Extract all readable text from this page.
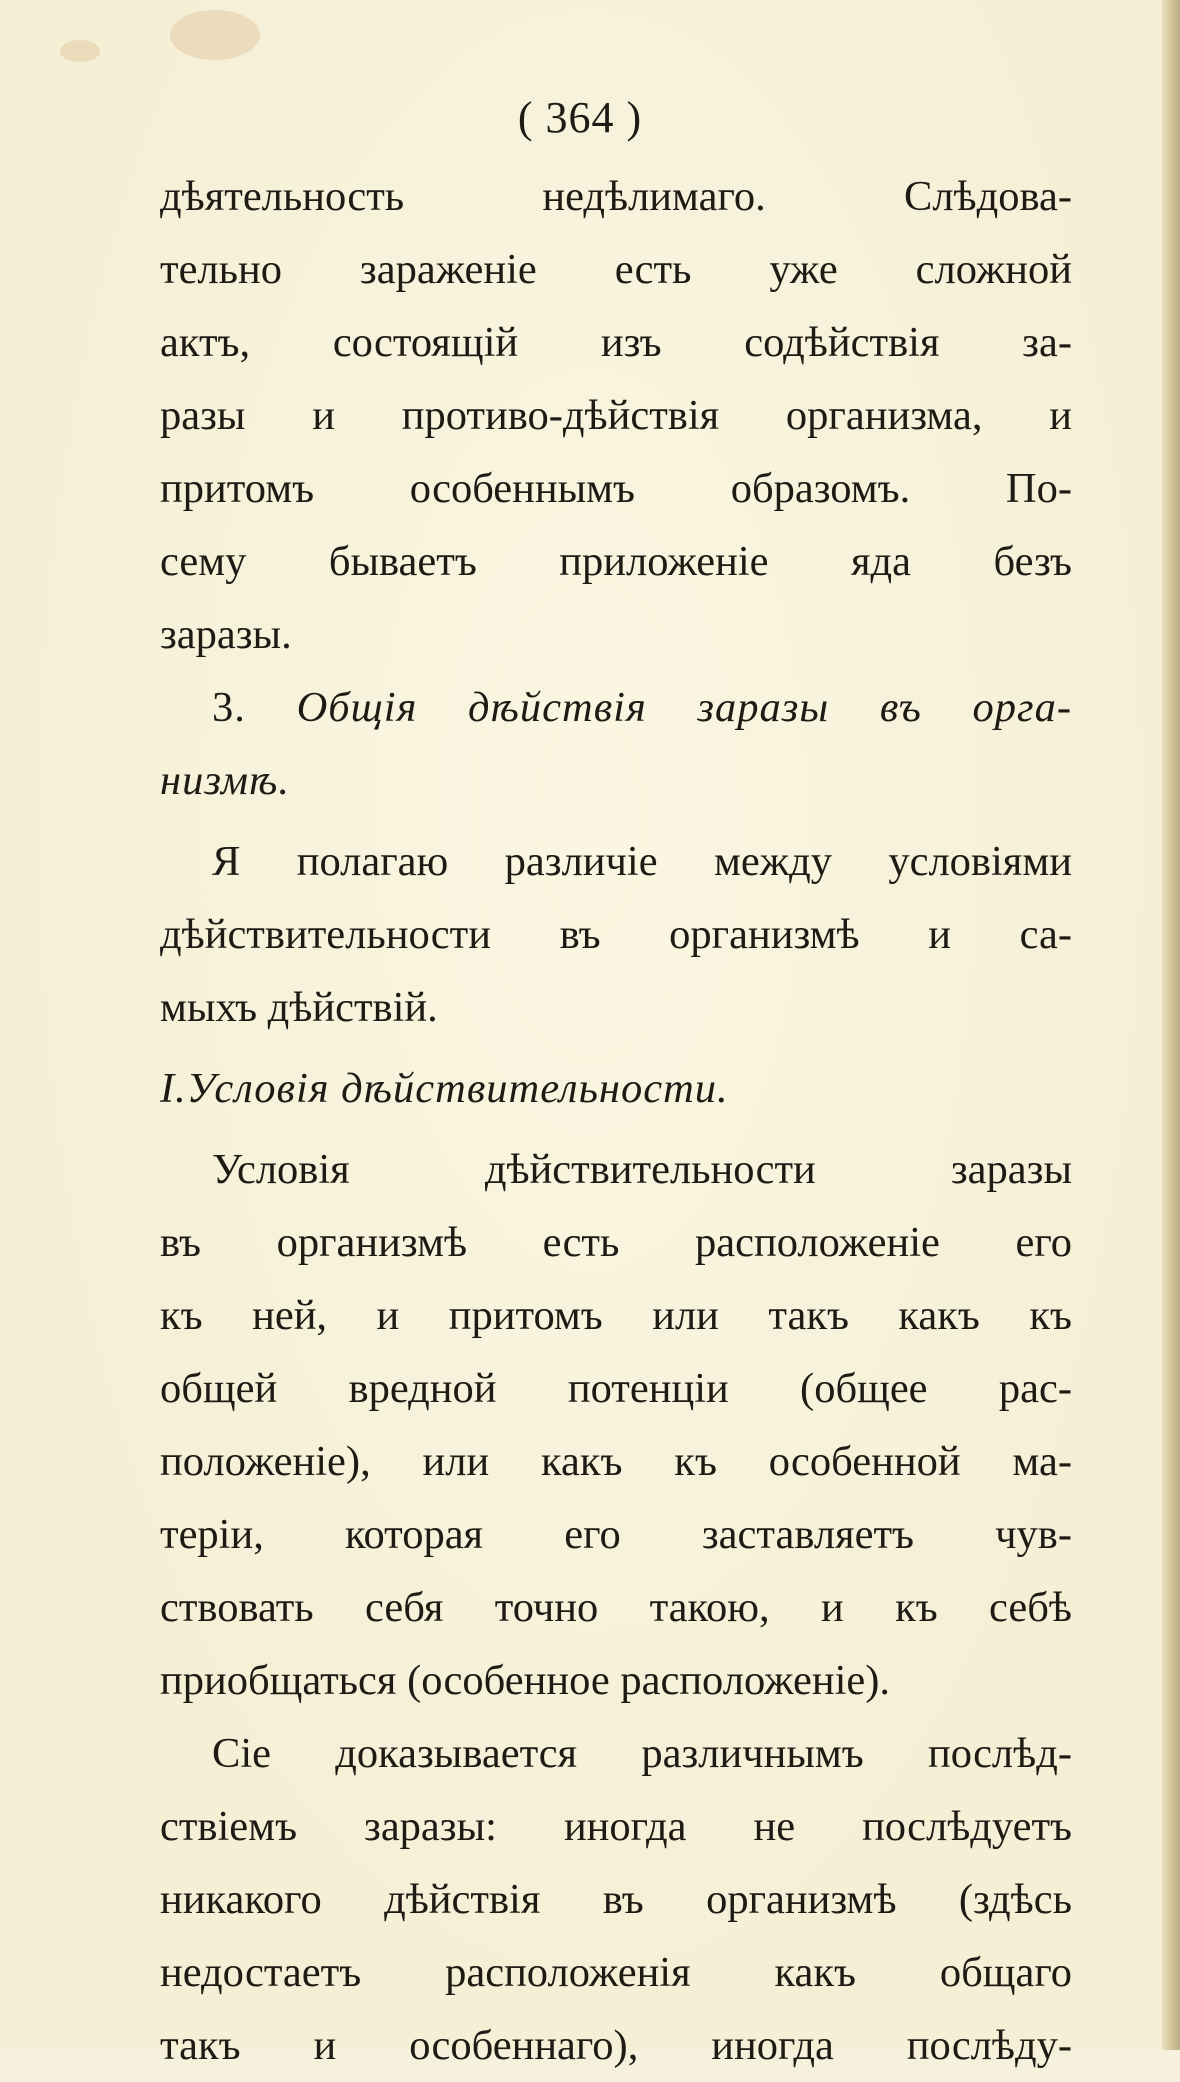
( 364 )
дѣятельность недѣлимаго. Слѣдова-
тельно зараженіе есть уже сложной
актъ, состоящій изъ содѣйствія за-
разы и противо-дѣйствія организма, и
притомъ особеннымъ образомъ. По-
сему бываетъ приложеніе яда безъ
заразы.
3. Общія дѣйствія заразы въ орга-
низмѣ.
Я полагаю различіе между условіями
дѣйствительности въ организмѣ и са-
мыхъ дѣйствій.
I.Условія дѣйствительности.
Условія дѣйствительности заразы
въ организмѣ есть расположеніе его
къ ней, и притомъ или такъ какъ къ
общей вредной потенціи (общее рас-
положеніе), или какъ къ особенной ма-
теріи, которая его заставляетъ чув-
ствовать себя точно такою, и къ себѣ
приобщаться (особенное расположеніе).
Сіе доказывается различнымъ послѣд-
ствіемъ заразы: иногда не послѣдуетъ
никакого дѣйствія въ организмѣ (здѣсь
недостаетъ расположенія какъ общаго
такъ и особеннаго), иногда послѣду-
